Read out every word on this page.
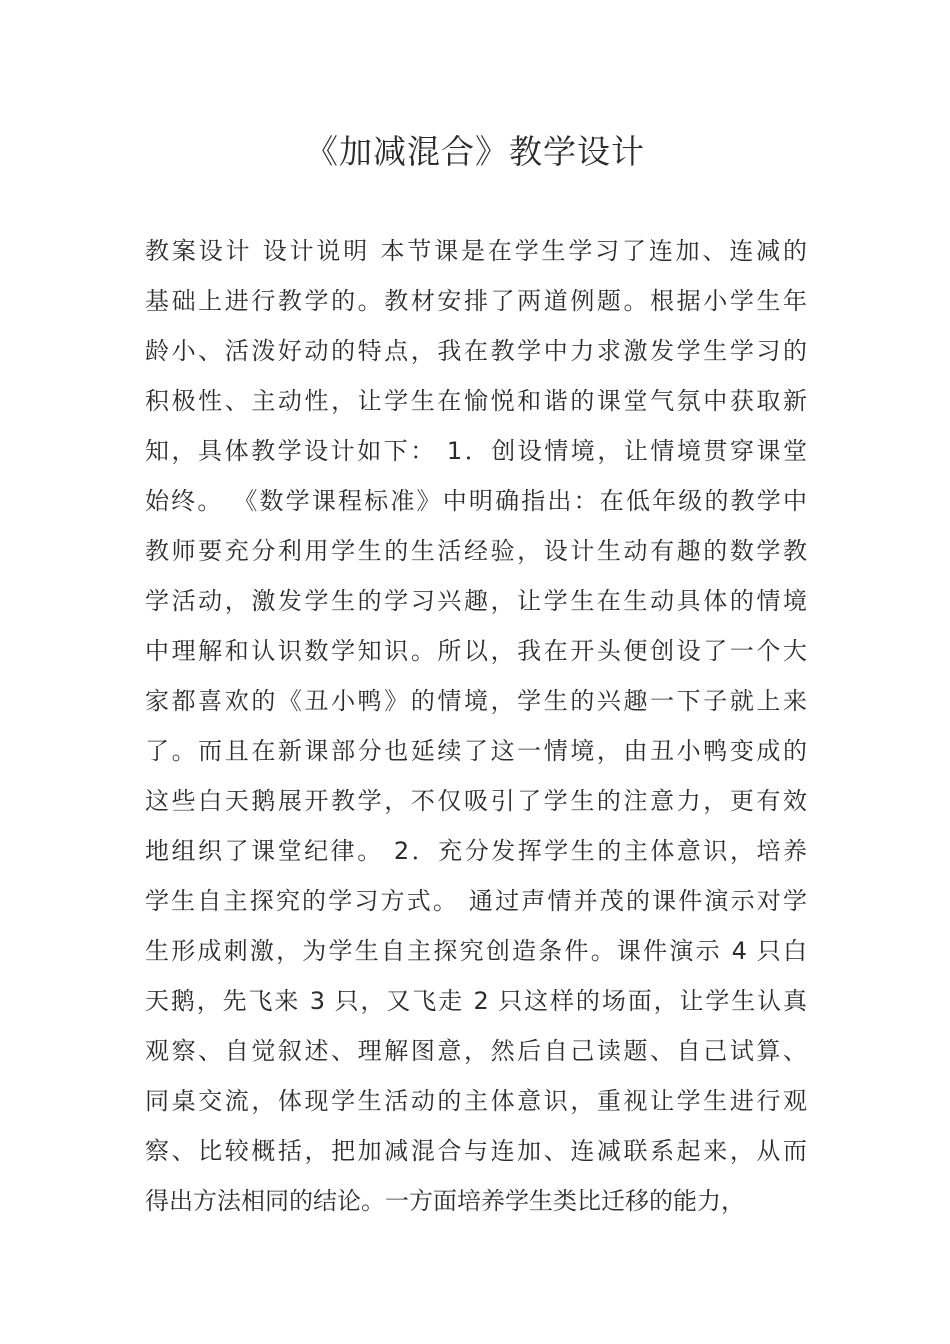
《加减混合》教学设计
教案设计 设计说明 本节课是在学生学习了连加、连减的
基础上进行教学的。教材安排了两道例题。根据小学生年
龄小、活泼好动的特点，我在教学中力求激发学生学习的
积极性、主动性，让学生在愉悦和谐的课堂气氛中获取新
知，具体教学设计如下： 1．创设情境，让情境贯穿课堂
始终。 《数学课程标准》中明确指出：在低年级的教学中
教师要充分利用学生的生活经验，设计生动有趣的数学教
学活动，激发学生的学习兴趣，让学生在生动具体的情境
中理解和认识数学知识。所以，我在开头便创设了一个大
家都喜欢的《丑小鸭》的情境，学生的兴趣一下子就上来
了。而且在新课部分也延续了这一情境，由丑小鸭变成的
这些白天鹅展开教学，不仅吸引了学生的注意力，更有效
地组织了课堂纪律。 2．充分发挥学生的主体意识，培养
学生自主探究的学习方式。 通过声情并茂的课件演示对学
生形成刺激，为学生自主探究创造条件。课件演示 4 只白
天鹅，先飞来 3 只，又飞走 2 只这样的场面，让学生认真
观察、自觉叙述、理解图意，然后自己读题、自己试算、
同桌交流，体现学生活动的主体意识，重视让学生进行观
察、比较概括，把加减混合与连加、连减联系起来，从而
得出方法相同的结论。一方面培养学生类比迁移的能力，
